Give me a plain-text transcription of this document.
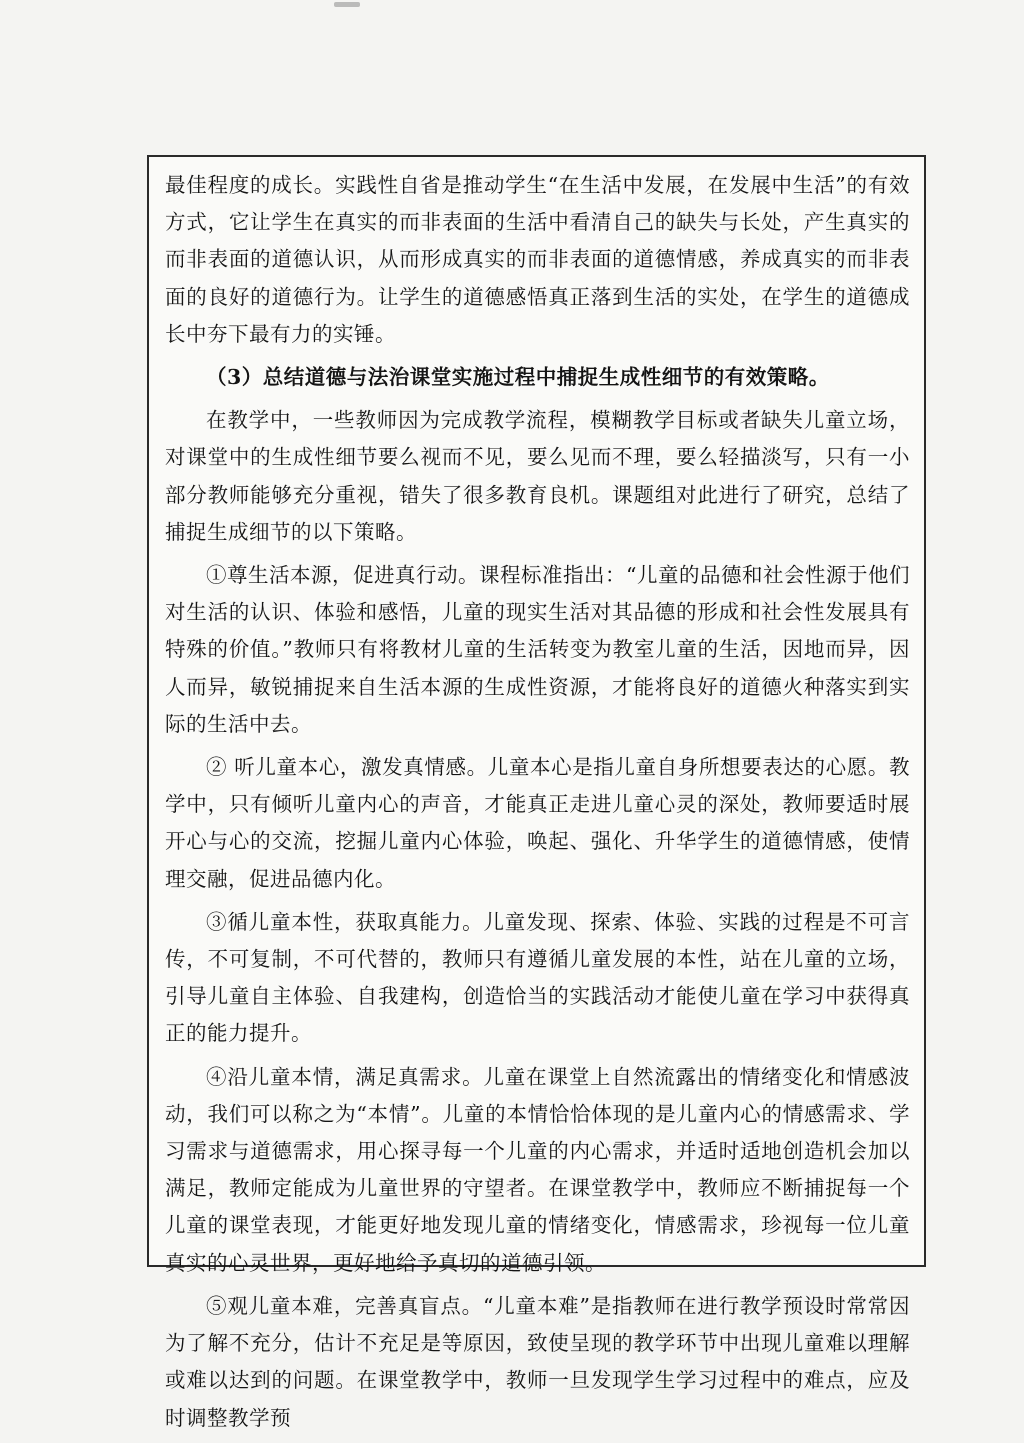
最佳程度的成长。实践性自省是推动学生“在生活中发展，在发展中生活”的有效方式，它让学生在真实的而非表面的生活中看清自己的缺失与长处，产生真实的而非表面的道德认识，从而形成真实的而非表面的道德情感，养成真实的而非表面的良好的道德行为。让学生的道德感悟真正落到生活的实处，在学生的道德成长中夯下最有力的实锤。

（3）总结道德与法治课堂实施过程中捕捉生成性细节的有效策略。

在教学中，一些教师因为完成教学流程，模糊教学目标或者缺失儿童立场，对课堂中的生成性细节要么视而不见，要么见而不理，要么轻描淡写，只有一小部分教师能够充分重视，错失了很多教育良机。课题组对此进行了研究，总结了捕捉生成细节的以下策略。

①尊生活本源，促进真行动。课程标准指出：“儿童的品德和社会性源于他们对生活的认识、体验和感悟，儿童的现实生活对其品德的形成和社会性发展具有特殊的价值。”教师只有将教材儿童的生活转变为教室儿童的生活，因地而异，因人而异，敏锐捕捉来自生活本源的生成性资源，才能将良好的道德火种落实到实际的生活中去。

② 听儿童本心，激发真情感。儿童本心是指儿童自身所想要表达的心愿。教学中，只有倾听儿童内心的声音，才能真正走进儿童心灵的深处，教师要适时展开心与心的交流，挖掘儿童内心体验，唤起、强化、升华学生的道德情感，使情理交融，促进品德内化。

③循儿童本性，获取真能力。儿童发现、探索、体验、实践的过程是不可言传，不可复制，不可代替的，教师只有遵循儿童发展的本性，站在儿童的立场，引导儿童自主体验、自我建构，创造恰当的实践活动才能使儿童在学习中获得真正的能力提升。

④沿儿童本情，满足真需求。儿童在课堂上自然流露出的情绪变化和情感波动，我们可以称之为“本情”。儿童的本情恰恰体现的是儿童内心的情感需求、学习需求与道德需求，用心探寻每一个儿童的内心需求，并适时适地创造机会加以满足，教师定能成为儿童世界的守望者。在课堂教学中，教师应不断捕捉每一个儿童的课堂表现，才能更好地发现儿童的情绪变化，情感需求，珍视每一位儿童真实的心灵世界，更好地给予真切的道德引领。

⑤观儿童本难，完善真盲点。“儿童本难”是指教师在进行教学预设时常常因为了解不充分，估计不充足是等原因，致使呈现的教学环节中出现儿童难以理解或难以达到的问题。在课堂教学中，教师一旦发现学生学习过程中的难点，应及时调整教学预
